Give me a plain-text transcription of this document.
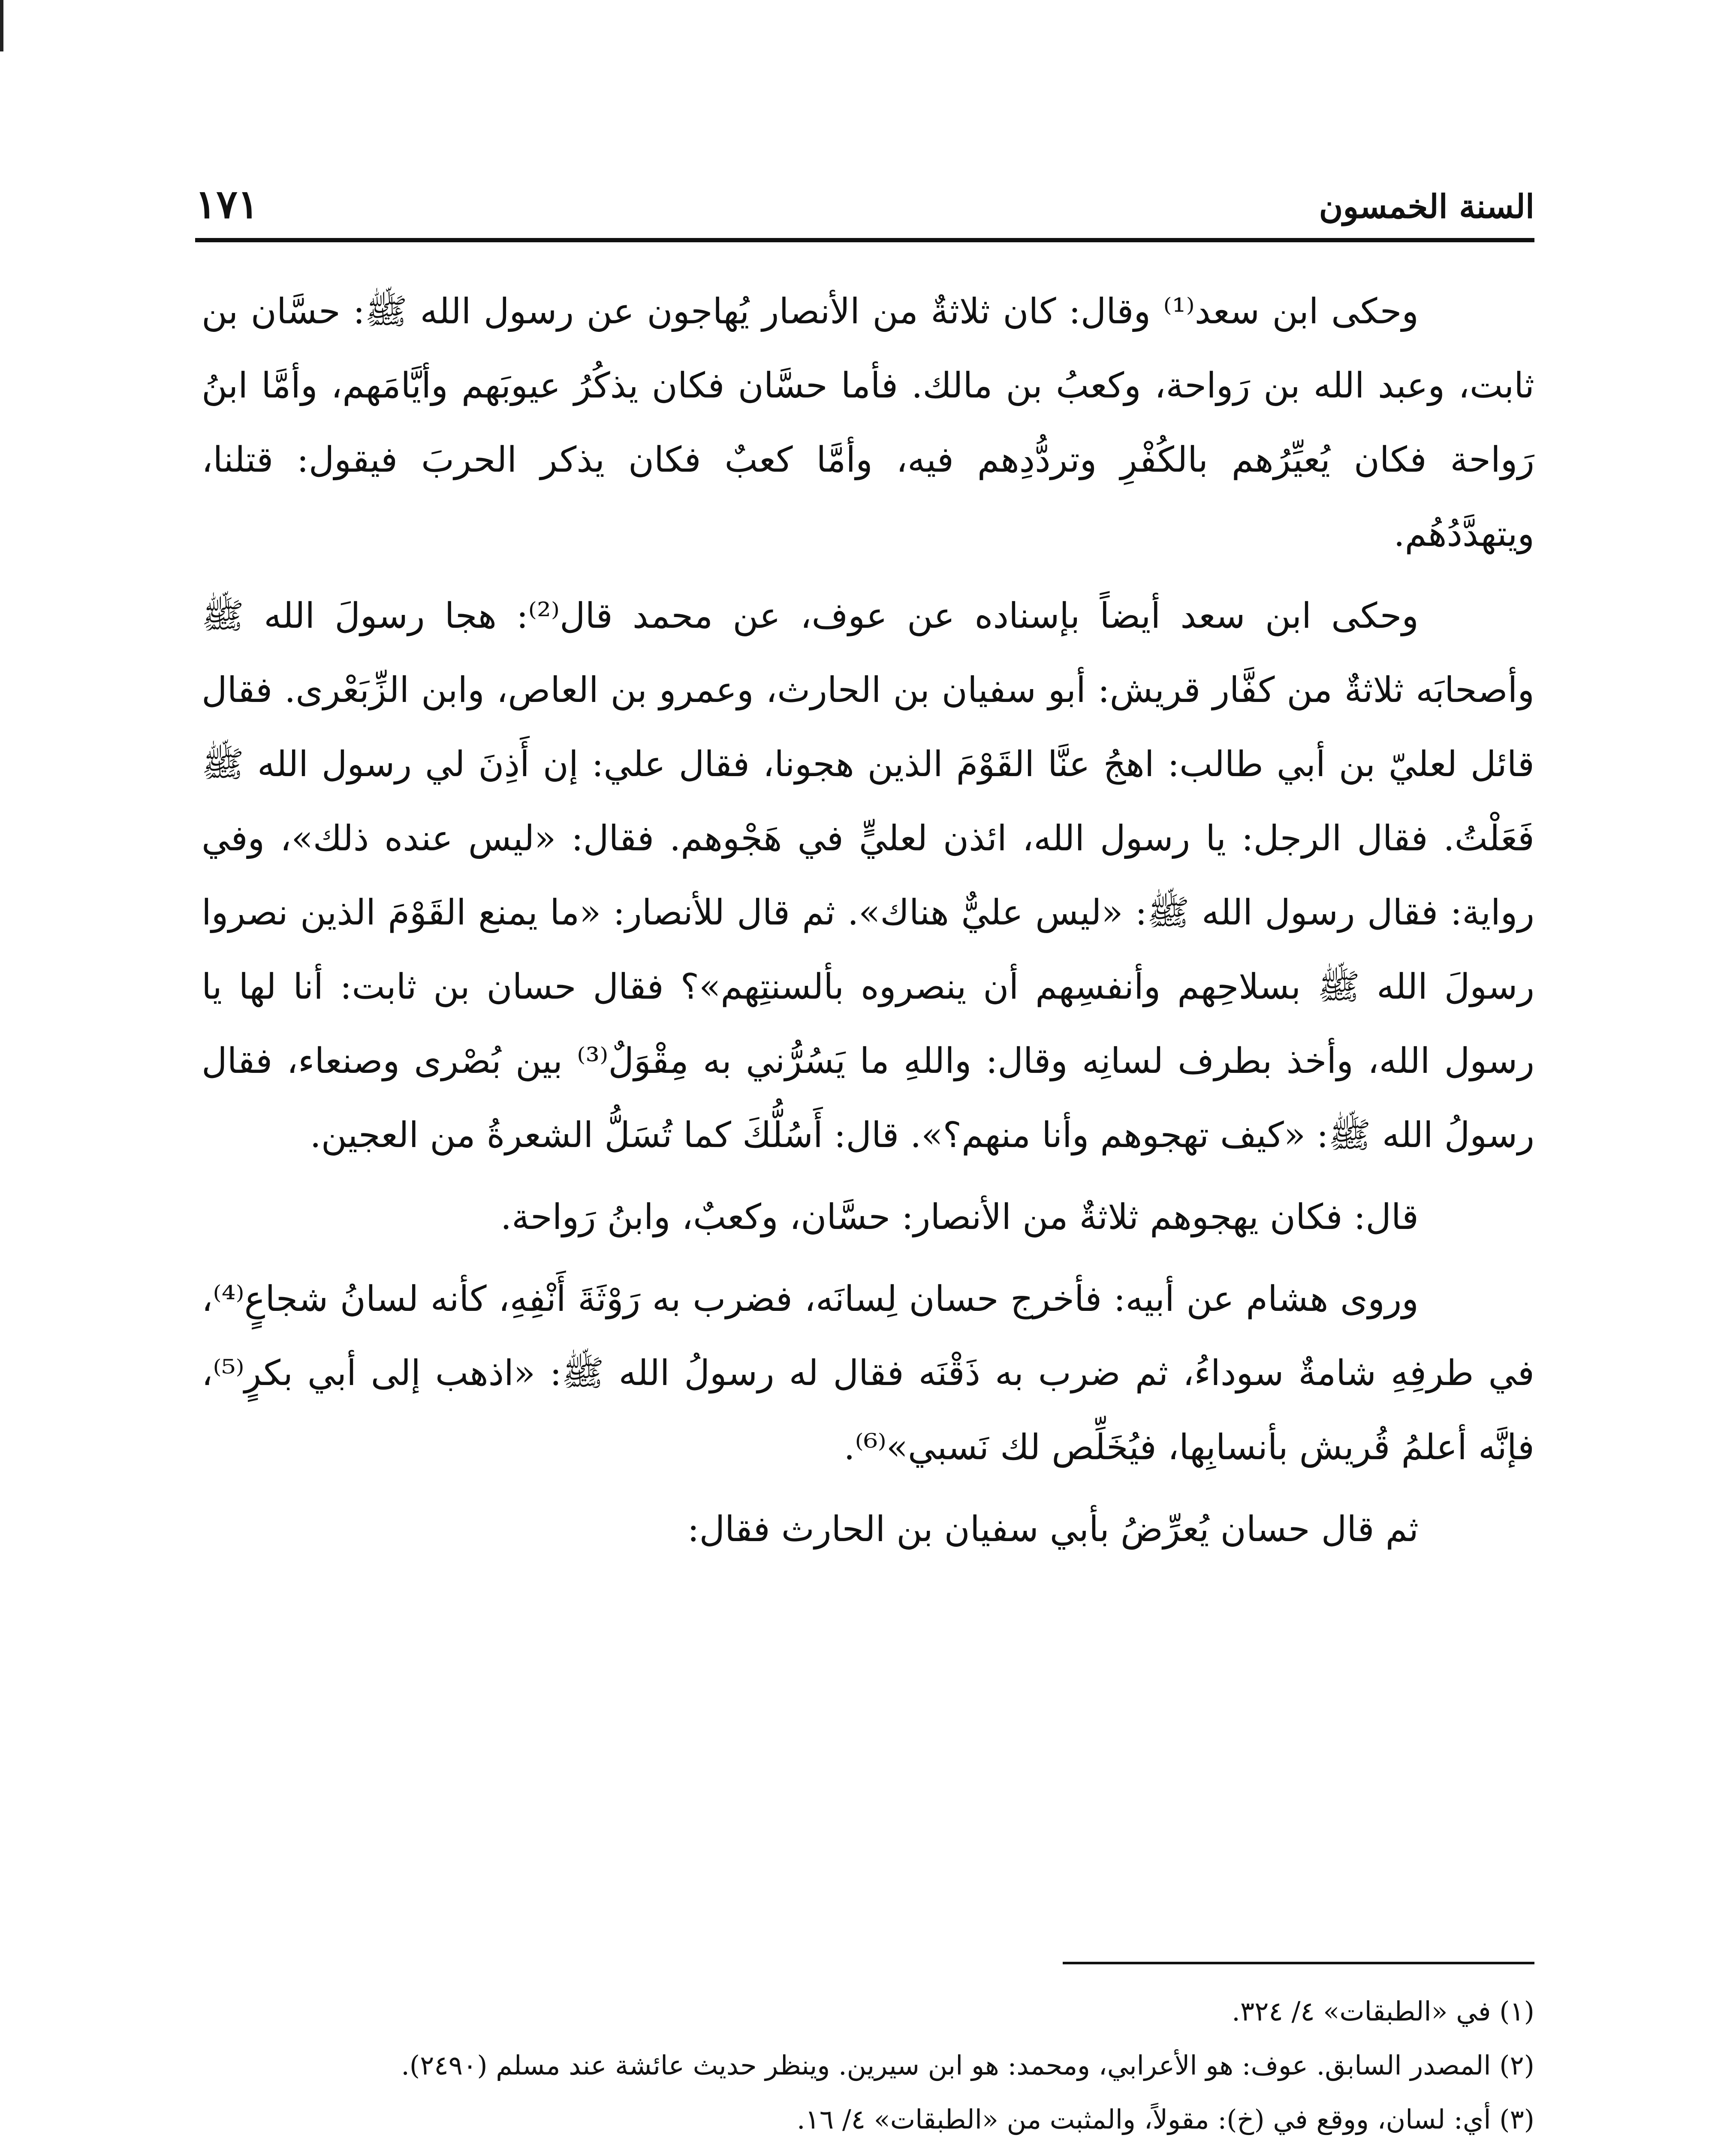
١٧١	السنة الخمسون

وحكى ابن سعد⁽¹⁾ وقال: كان ثلاثةٌ من الأنصار يُهاجون عن رسول الله ﷺ: حسَّان بن ثابت، وعبد الله بن رَواحة، وكعبُ بن مالك. فأما حسَّان فكان يذكُرُ عيوبَهم وأيَّامَهم، وأمَّا ابنُ رَواحة فكان يُعيِّرُهم بالكُفْرِ وتردُّدِهم فيه، وأمَّا كعبٌ فكان يذكر الحربَ فيقول: قتلنا، ويتهدَّدُهُم.

وحكى ابن سعد أيضاً بإسناده عن عوف، عن محمد قال⁽²⁾: هجا رسولَ الله ﷺ وأصحابَه ثلاثةٌ من كفَّار قريش: أبو سفيان بن الحارث، وعمرو بن العاص، وابن الزِّبَعْرى. فقال قائل لعليّ بن أبي طالب: اهجُ عنَّا القَوْمَ الذين هجونا، فقال علي: إن أَذِنَ لي رسول الله ﷺ فَعَلْتُ. فقال الرجل: يا رسول الله، ائذن لعليٍّ في هَجْوهم. فقال: «ليس عنده ذلك»، وفي رواية: فقال رسول الله ﷺ: «ليس عليٌّ هناك». ثم قال للأنصار: «ما يمنع القَوْمَ الذين نصروا رسولَ الله ﷺ بسلاحِهم وأنفسِهم أن ينصروه بألسنتِهم»؟ فقال حسان بن ثابت: أنا لها يا رسول الله، وأخذ بطرف لسانِه وقال: واللهِ ما يَسُرُّني به مِقْوَلٌ⁽³⁾ بين بُصْرى وصنعاء، فقال رسولُ الله ﷺ: «كيف تهجوهم وأنا منهم؟». قال: أَسُلُّكَ كما تُسَلُّ الشعرةُ من العجين.

قال: فكان يهجوهم ثلاثةٌ من الأنصار: حسَّان، وكعبٌ، وابنُ رَواحة.

وروى هشام عن أبيه: فأخرج حسان لِسانَه، فضرب به رَوْثَةَ أَنْفِهِ، كأنه لسانُ شجاعٍ⁽⁴⁾، في طرفِهِ شامةٌ سوداءُ، ثم ضرب به ذَقْنَه فقال له رسولُ الله ﷺ: «اذهب إلى أبي بكرٍ⁽⁵⁾، فإنَّه أعلمُ قُريش بأنسابِها، فيُخَلِّص لك نَسبي»⁽⁶⁾.

ثم قال حسان يُعرِّضُ بأبي سفيان بن الحارث فقال:

(١) في «الطبقات» ٤/ ٣٢٤.
(٢) المصدر السابق. عوف: هو الأعرابي، ومحمد: هو ابن سيرين. وينظر حديث عائشة عند مسلم (٢٤٩٠).
(٣) أي: لسان، ووقع في (خ): مقولاً، والمثبت من «الطبقات» ٤/ ١٦.
